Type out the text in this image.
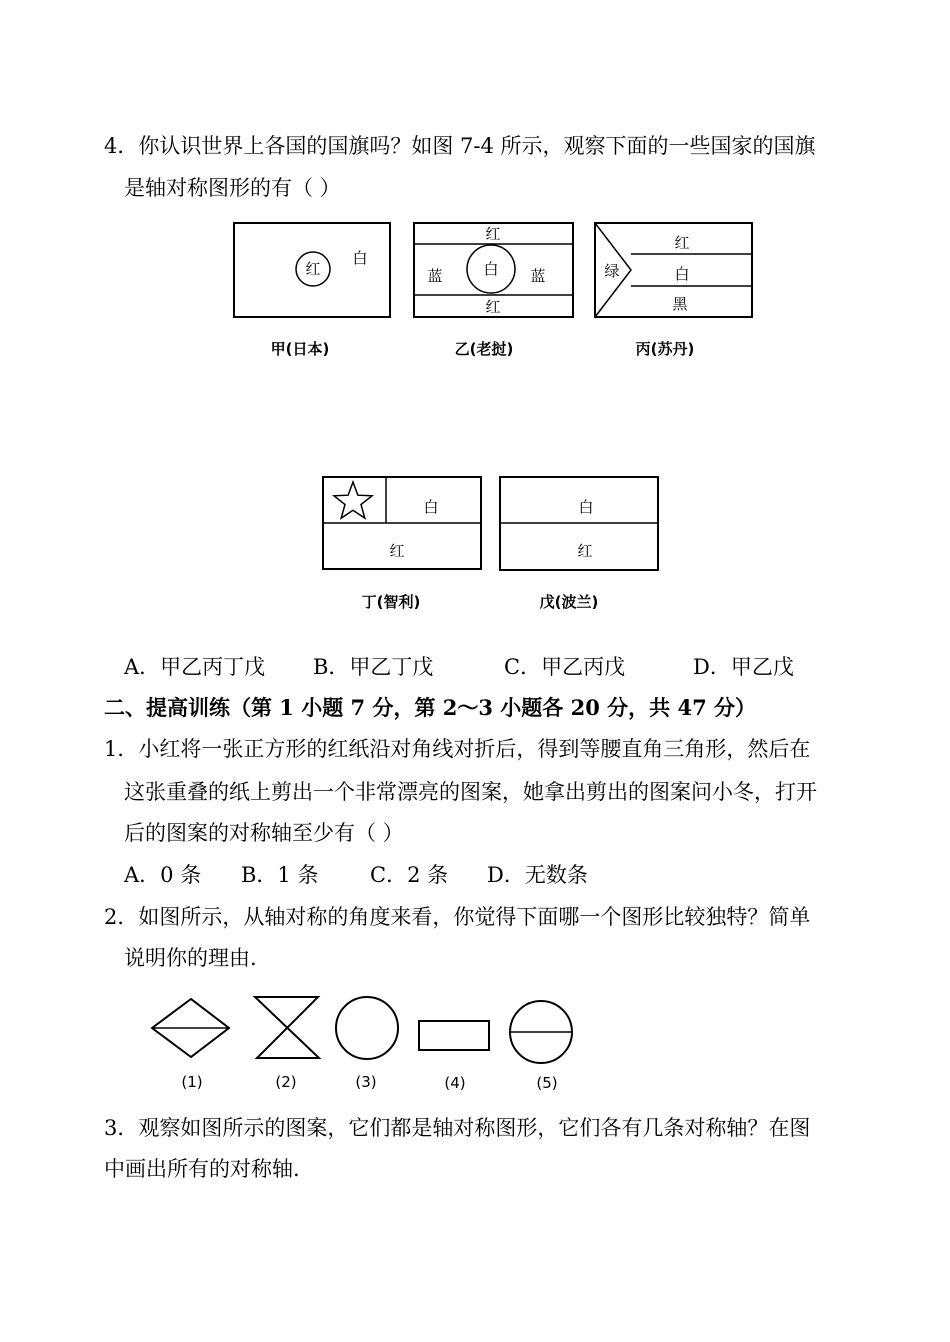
4．你认识世界上各国的国旗吗？如图 7-4 所示，观察下面的一些国家的国旗
是轴对称图形的有（ ）
红
白
甲(日本)
红
蓝	白 蓝
红
乙(老挝)
红
白
黑
绿
丙(苏丹)
白
红
丁(智利)
白
红
戊(波兰)
A．甲乙丙丁戊 B．甲乙丁戊	C．甲乙丙戊	D．甲乙戊
二、提高训练（第 1 小题 7 分，第 2～3 小题各 20 分，共 47 分）
1．小红将一张正方形的红纸沿对角线对折后，得到等腰直角三角形，然后在
这张重叠的纸上剪出一个非常漂亮的图案，她拿出剪出的图案问小冬，打开
后的图案的对称轴至少有（ ）
A．0 条 B．1 条 C．2 条 D．无数条
2．如图所示，从轴对称的角度来看，你觉得下面哪一个图形比较独特？简单
说明你的理由.
(1)	(2)	(3)	(4)	(5)
3．观察如图所示的图案，它们都是轴对称图形，它们各有几条对称轴？在图
中画出所有的对称轴.
